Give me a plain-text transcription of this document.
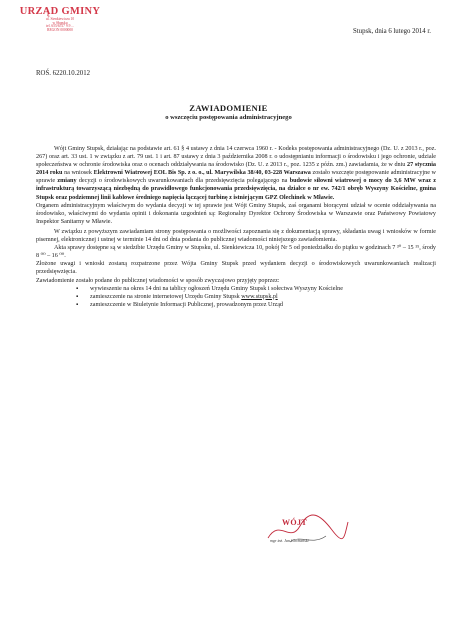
URZĄD GMINY
ul. Sienkiewicza 10
w Słupsku
tel. 655/6517 9.9 ...
REGON 0000000	Stupsk, dnia 6 lutego 2014 r.
ROŚ. 6220.10.2012
ZAWIADOMIENIE
o wszczęciu postępowania administracyjnego

Wójt Gminy Stupsk, działając na podstawie art. 61 § 4 ustawy z dnia 14 czerwca 1960 r. - Kodeks postępowania administracyjnego (Dz. U. z 2013 r., poz. 267) oraz art. 33 ust. 1 w związku z art. 79 ust. 1 i art. 87 ustawy z dnia 3 października 2008 r. o udostępnianiu informacji o środowisku i jego ochronie, udziale społeczeństwa w ochronie środowiska oraz o ocenach oddziaływania na środowisko (Dz. U. z 2013 r., poz. 1235 z późn. zm.) zawiadamia, że w dniu 27 stycznia 2014 roku na wniosek Elektrowni Wiatrowej EOL Bis Sp. z o. o., ul. Marywilska 38/40, 03-228 Warszawa zostało wszczęte postępowanie administracyjne w sprawie zmiany decyzji o środowiskowych uwarunkowaniach dla przedsięwzięcia polegającego na budowie siłowni wiatrowej o mocy do 3,6 MW wraz z infrastrukturą towarzyszącą niezbędną do prawidłowego funkcjonowania przedsięwzięcia, na działce o nr ew. 742/1 obręb Wyszyny Kościelne, gmina Stupsk oraz podziemnej linii kablowe średniego napięcia łączącej turbinę z istniejącym GPZ Olechinek w Mławie.

Organem administracyjnym właściwym do wydania decyzji w tej sprawie jest Wójt Gminy Stupsk, zaś organami biorącymi udział w ocenie oddziaływania na środowisko, właściwymi do wydania opinii i dokonania uzgodnień są: Regionalny Dyrektor Ochrony Środowiska w Warszawie oraz Państwowy Powiatowy Inspektor Sanitarny w Mławie.

W związku z powyższym zawiadamiam strony postępowania o możliwości zapoznania się z dokumentacją sprawy, składania uwag i wniosków w formie pisemnej, elektronicznej i ustnej w terminie 14 dni od dnia podania do publicznej wiadomości niniejszego zawiadomienia.

Akta sprawy dostępne są w siedzibie Urzędu Gminy w Stupsku, ul. Sienkiewicza 10, pokój Nr 5 od poniedziałku do piątku w godzinach 7 ³⁰ – 15 ¹⁵, środy 8 ⁰⁰ – 16 ⁰⁰.

Złożone uwagi i wnioski zostaną rozpatrzone przez Wójta Gminy Stupsk przed wydaniem decyzji o środowiskowych uwarunkowaniach realizacji przedsięwzięcia.

Zawiadomienie zostało podane do publicznej wiadomości w sposób zwyczajowo przyjęty poprzez:

▪ wywieszenie na okres 14 dni na tablicy ogłoszeń Urzędu Gminy Stupsk i sołectwa Wyszyny Kościelne
▪ zamieszczenie na stronie internetowej Urzędu Gminy Stupsk www.stupsk.pl
▪ zamieszczenie w Biuletynie Informacji Publicznej, prowadzonym przez Urząd
WÓJT
mgr inż. Jan Ciechański
